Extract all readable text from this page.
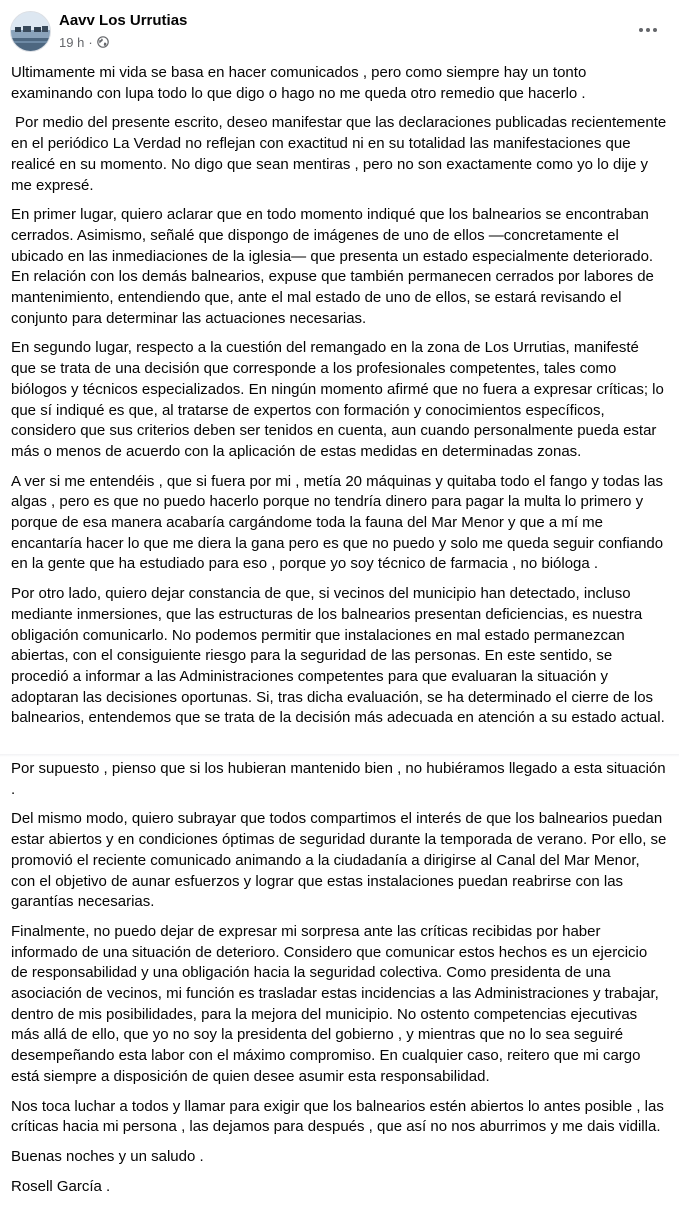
Aavv Los Urrutias
19 h ·

Ultimamente mi vida se basa en hacer comunicados , pero como siempre hay un tonto examinando con lupa todo lo que digo o hago no me queda otro remedio que hacerlo .

Por medio del presente escrito, deseo manifestar que las declaraciones publicadas recientemente en el periódico La Verdad no reflejan con exactitud ni en su totalidad las manifestaciones que realicé en su momento. No digo que sean mentiras , pero no son exactamente como yo lo dije y me expresé.

En primer lugar, quiero aclarar que en todo momento indiqué que los balnearios se encontraban cerrados. Asimismo, señalé que dispongo de imágenes de uno de ellos —concretamente el ubicado en las inmediaciones de la iglesia— que presenta un estado especialmente deteriorado. En relación con los demás balnearios, expuse que también permanecen cerrados por labores de mantenimiento, entendiendo que, ante el mal estado de uno de ellos, se estará revisando el conjunto para determinar las actuaciones necesarias.

En segundo lugar, respecto a la cuestión del remangado en la zona de Los Urrutias, manifesté que se trata de una decisión que corresponde a los profesionales competentes, tales como biólogos y técnicos especializados. En ningún momento afirmé que no fuera a expresar críticas; lo que sí indiqué es que, al tratarse de expertos con formación y conocimientos específicos, considero que sus criterios deben ser tenidos en cuenta, aun cuando personalmente pueda estar más o menos de acuerdo con la aplicación de estas medidas en determinadas zonas.

A ver si me entendéis , que si fuera por mi , metía 20 máquinas y quitaba todo el fango y todas las algas , pero es que no puedo hacerlo porque no tendría dinero para pagar la multa lo primero y porque de esa manera acabaría cargándome toda la fauna del Mar Menor y que a mí me encantaría hacer lo que me diera la gana pero es que no puedo y solo me queda seguir confiando en la gente que ha estudiado para eso , porque yo soy técnico de farmacia , no bióloga .

Por otro lado, quiero dejar constancia de que, si vecinos del municipio han detectado, incluso mediante inmersiones, que las estructuras de los balnearios presentan deficiencias, es nuestra obligación comunicarlo. No podemos permitir que instalaciones en mal estado permanezcan abiertas, con el consiguiente riesgo para la seguridad de las personas. En este sentido, se procedió a informar a las Administraciones competentes para que evaluaran la situación y adoptaran las decisiones oportunas. Si, tras dicha evaluación, se ha determinado el cierre de los balnearios, entendemos que se trata de la decisión más adecuada en atención a su estado actual.

Por supuesto , pienso que si los hubieran mantenido bien , no hubiéramos llegado a esta situación .

Del mismo modo, quiero subrayar que todos compartimos el interés de que los balnearios puedan estar abiertos y en condiciones óptimas de seguridad durante la temporada de verano. Por ello, se promovió el reciente comunicado animando a la ciudadanía a dirigirse al Canal del Mar Menor, con el objetivo de aunar esfuerzos y lograr que estas instalaciones puedan reabrirse con las garantías necesarias.

Finalmente, no puedo dejar de expresar mi sorpresa ante las críticas recibidas por haber informado de una situación de deterioro. Considero que comunicar estos hechos es un ejercicio de responsabilidad y una obligación hacia la seguridad colectiva. Como presidenta de una asociación de vecinos, mi función es trasladar estas incidencias a las Administraciones y trabajar, dentro de mis posibilidades, para la mejora del municipio. No ostento competencias ejecutivas más allá de ello, que yo no soy la presidenta del gobierno , y mientras que no lo sea seguiré desempeñando esta labor con el máximo compromiso. En cualquier caso, reitero que mi cargo está siempre a disposición de quien desee asumir esta responsabilidad.

Nos toca luchar a todos y llamar para exigir que los balnearios estén abiertos lo antes posible , las críticas hacia mi persona , las dejamos para después , que así no nos aburrimos y me dais vidilla.

Buenas noches y un saludo .

Rosell García .
